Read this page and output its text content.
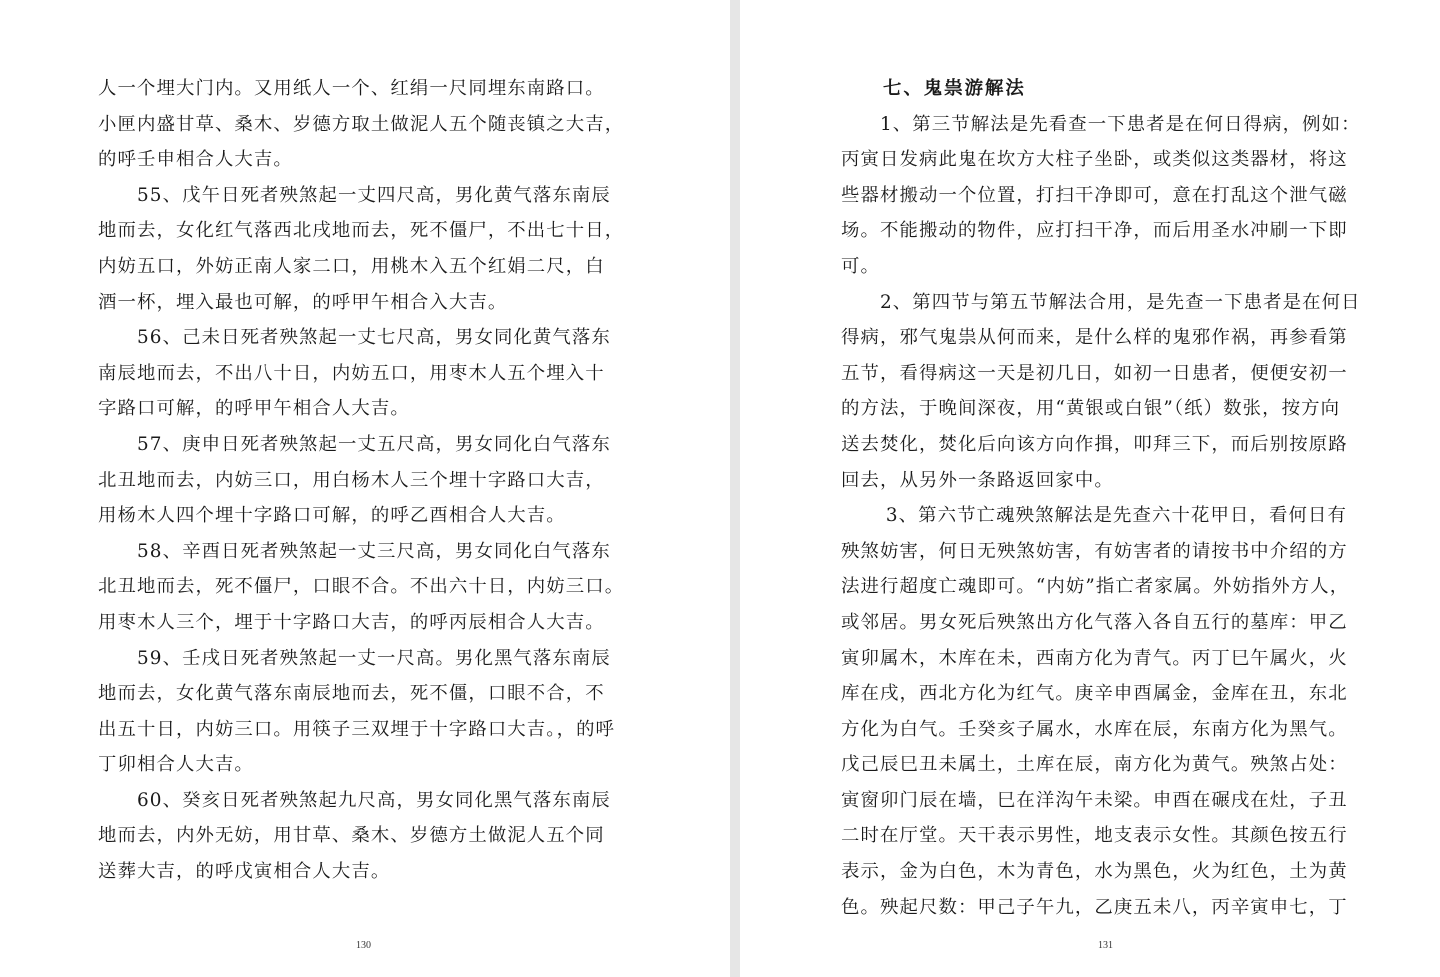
人一个埋大门内。又用纸人一个、红绢一尺同埋东南路口。
小匣内盛甘草、桑木、岁德方取土做泥人五个随丧镇之大吉，
的呼壬申相合人大吉。
55、戊午日死者殃煞起一丈四尺高，男化黄气落东南辰
地而去，女化红气落西北戌地而去，死不僵尸，不出七十日，
内妨五口，外妨正南人家二口，用桃木入五个红娟二尺，白
酒一杯，埋入最也可解，的呼甲午相合入大吉。
56、己未日死者殃煞起一丈七尺高，男女同化黄气落东
南辰地而去，不出八十日，内妨五口，用枣木人五个埋入十
字路口可解，的呼甲午相合人大吉。
57、庚申日死者殃煞起一丈五尺高，男女同化白气落东
北丑地而去，内妨三口，用白杨木人三个埋十字路口大吉，
用杨木人四个埋十字路口可解，的呼乙酉相合人大吉。
58、辛酉日死者殃煞起一丈三尺高，男女同化白气落东
北丑地而去，死不僵尸，口眼不合。不出六十日，内妨三口。
用枣木人三个，埋于十字路口大吉，的呼丙辰相合人大吉。
59、壬戌日死者殃煞起一丈一尺高。男化黑气落东南辰
地而去，女化黄气落东南辰地而去，死不僵，口眼不合，不
出五十日，内妨三口。用筷子三双埋于十字路口大吉。，的呼
丁卯相合人大吉。
60、癸亥日死者殃煞起九尺高，男女同化黑气落东南辰
地而去，内外无妨，用甘草、桑木、岁德方土做泥人五个同
送葬大吉，的呼戊寅相合人大吉。
130
七、鬼祟游解法
1、第三节解法是先看查一下患者是在何日得病，例如：
丙寅日发病此鬼在坎方大柱子坐卧，或类似这类器材，将这
些器材搬动一个位置，打扫干净即可，意在打乱这个泄气磁
场。不能搬动的物件，应打扫干净，而后用圣水冲刷一下即
可。
2、第四节与第五节解法合用，是先查一下患者是在何日
得病，邪气鬼祟从何而来，是什么样的鬼邪作祸，再参看第
五节，看得病这一天是初几日，如初一日患者，便便安初一
的方法，于晚间深夜，用“黄银或白银”（纸）数张，按方向
送去焚化，焚化后向该方向作揖，叩拜三下，而后别按原路
回去，从另外一条路返回家中。
3、第六节亡魂殃煞解法是先查六十花甲日，看何日有
殃煞妨害，何日无殃煞妨害，有妨害者的请按书中介绍的方
法进行超度亡魂即可。“内妨”指亡者家属。外妨指外方人，
或邻居。男女死后殃煞出方化气落入各自五行的墓库：甲乙
寅卯属木，木库在未，西南方化为青气。丙丁巳午属火，火
库在戌，西北方化为红气。庚辛申酉属金，金库在丑，东北
方化为白气。壬癸亥子属水，水库在辰，东南方化为黑气。
戊己辰巳丑未属土，土库在辰，南方化为黄气。殃煞占处：
寅窗卯门辰在墙，巳在洋沟午未梁。申酉在碾戌在灶，子丑
二时在厅堂。天干表示男性，地支表示女性。其颜色按五行
表示，金为白色，木为青色，水为黑色，火为红色，土为黄
色。殃起尺数：甲己子午九，乙庚五未八，丙辛寅申七，丁
131
